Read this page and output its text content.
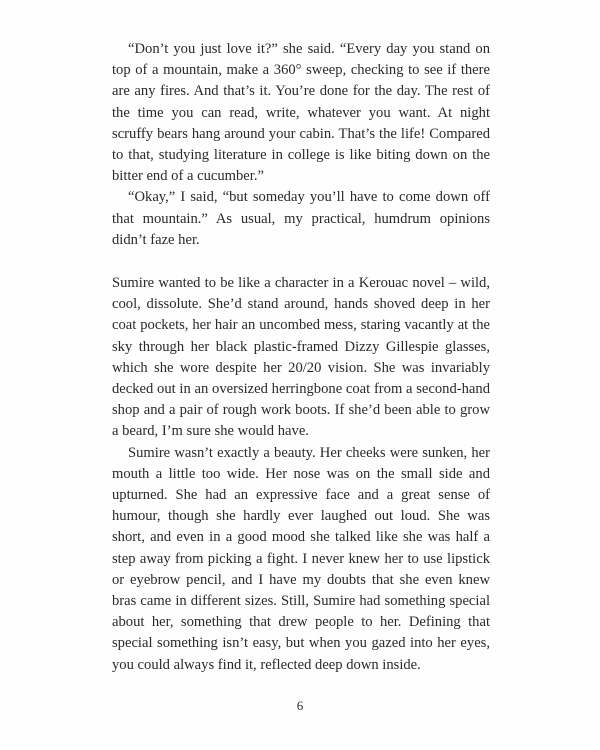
“Don’t you just love it?” she said. “Every day you stand on top of a mountain, make a 360° sweep, checking to see if there are any fires. And that’s it. You’re done for the day. The rest of the time you can read, write, whatever you want. At night scruffy bears hang around your cabin. That’s the life! Compared to that, studying literature in college is like biting down on the bitter end of a cucumber.”

“Okay,” I said, “but someday you’ll have to come down off that mountain.” As usual, my practical, humdrum opinions didn’t faze her.

Sumire wanted to be like a character in a Kerouac novel – wild, cool, dissolute. She’d stand around, hands shoved deep in her coat pockets, her hair an uncombed mess, staring vacantly at the sky through her black plastic-framed Dizzy Gillespie glasses, which she wore despite her 20/20 vision. She was invariably decked out in an oversized herringbone coat from a second-hand shop and a pair of rough work boots. If she’d been able to grow a beard, I’m sure she would have.

Sumire wasn’t exactly a beauty. Her cheeks were sunken, her mouth a little too wide. Her nose was on the small side and upturned. She had an expressive face and a great sense of humour, though she hardly ever laughed out loud. She was short, and even in a good mood she talked like she was half a step away from picking a fight. I never knew her to use lipstick or eyebrow pencil, and I have my doubts that she even knew bras came in different sizes. Still, Sumire had something special about her, something that drew people to her. Defining that special something isn’t easy, but when you gazed into her eyes, you could always find it, reflected deep down inside.

6
